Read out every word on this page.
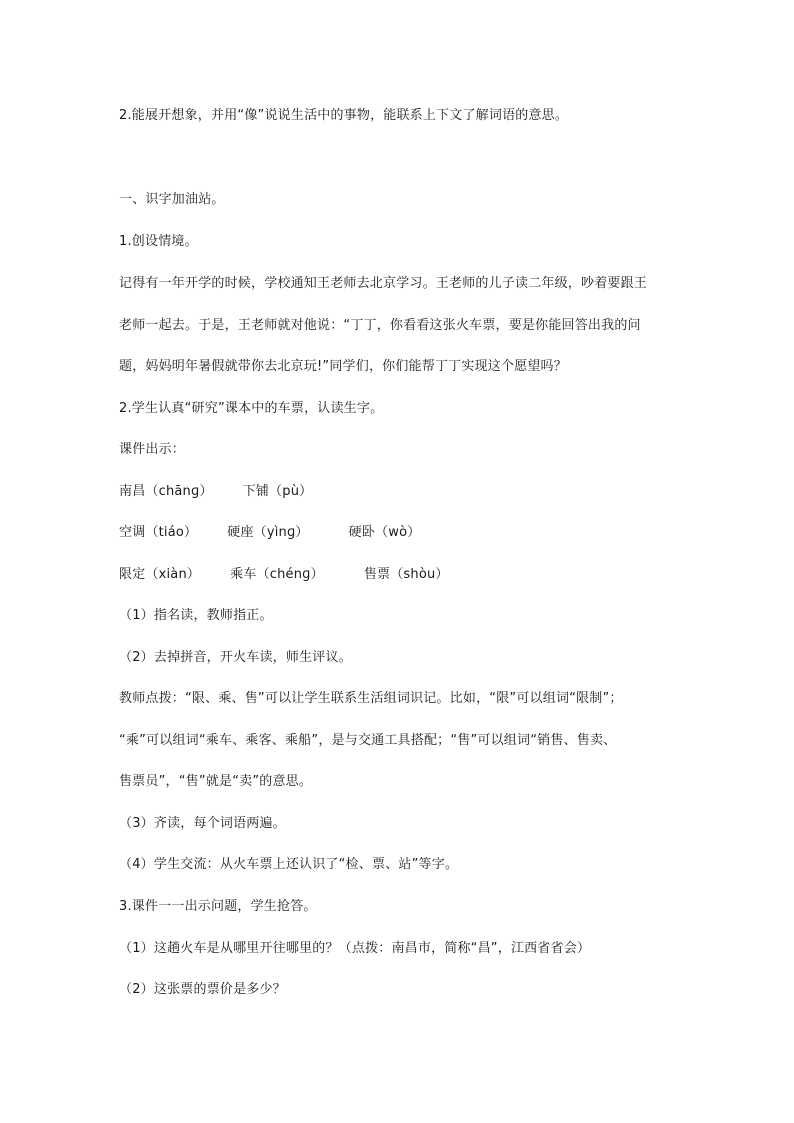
2.能展开想象，并用“像”说说生活中的事物，能联系上下文了解词语的意思。
一、识字加油站。
1.创设情境。
记得有一年开学的时候，学校通知王老师去北京学习。王老师的儿子读二年级，吵着要跟王
老师一起去。于是，王老师就对他说：“丁丁，你看看这张火车票，要是你能回答出我的问
题，妈妈明年暑假就带你去北京玩!”同学们，你们能帮丁丁实现这个愿望吗？
2.学生认真“研究”课本中的车票，认读生字。
课件出示：
南昌（chānɡ） 下铺（pù）
空调（tiáo） 硬座（yìnɡ）	硬卧（wò）
限定（xiàn） 乘车（chénɡ）	售票（shòu）
（1）指名读，教师指正。
（2）去掉拼音，开火车读，师生评议。
教师点拨：“限、乘、售”可以让学生联系生活组词识记。比如，“限”可以组词“限制”；
“乘”可以组词“乘车、乘客、乘船”，是与交通工具搭配；“售”可以组词“销售、售卖、
售票员”，“售”就是“卖”的意思。
（3）齐读，每个词语两遍。
（4）学生交流：从火车票上还认识了“检、票、站”等字。
3.课件一一出示问题，学生抢答。
（1）这趟火车是从哪里开往哪里的？（点拨：南昌市，简称“昌”，江西省省会）
（2）这张票的票价是多少？
